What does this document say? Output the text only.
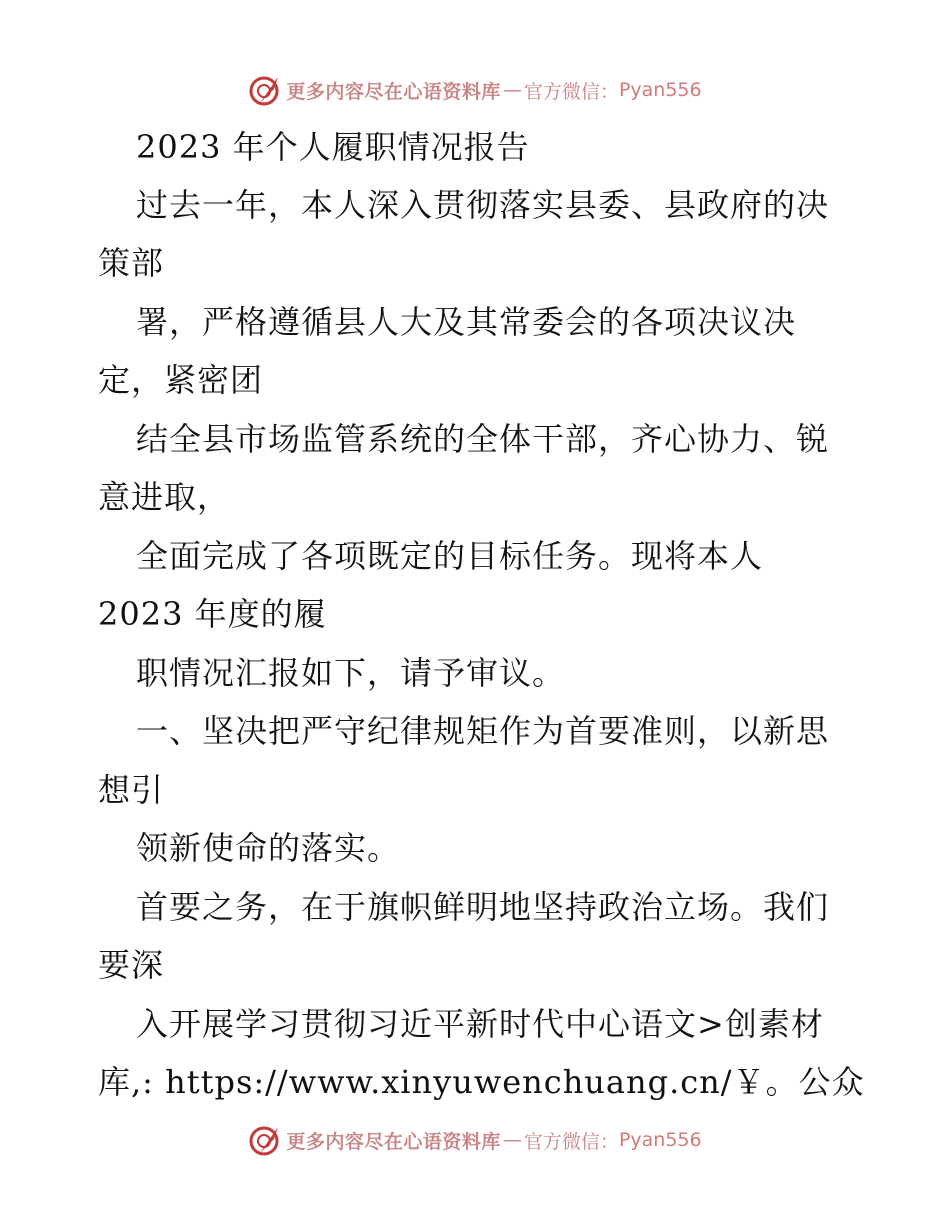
更多内容尽在心语资料库 — 官方微信： Pyan556
2023 年个人履职情况报告
过去一年，本人深入贯彻落实县委、县政府的决
策部
署，严格遵循县人大及其常委会的各项决议决
定，紧密团
结全县市场监管系统的全体干部，齐心协力、锐
意进取，
全面完成了各项既定的目标任务。现将本人
2023 年度的履
职情况汇报如下，请予审议。
一、坚决把严守纪律规矩作为首要准则，以新思
想引
领新使命的落实。
首要之务，在于旗帜鲜明地坚持政治立场。我们
要深
入开展学习贯彻习近平新时代中心语文>创素材
库,: https://www.xinyuwenchuang.cn/￥。公众
更多内容尽在心语资料库 — 官方微信： Pyan556
